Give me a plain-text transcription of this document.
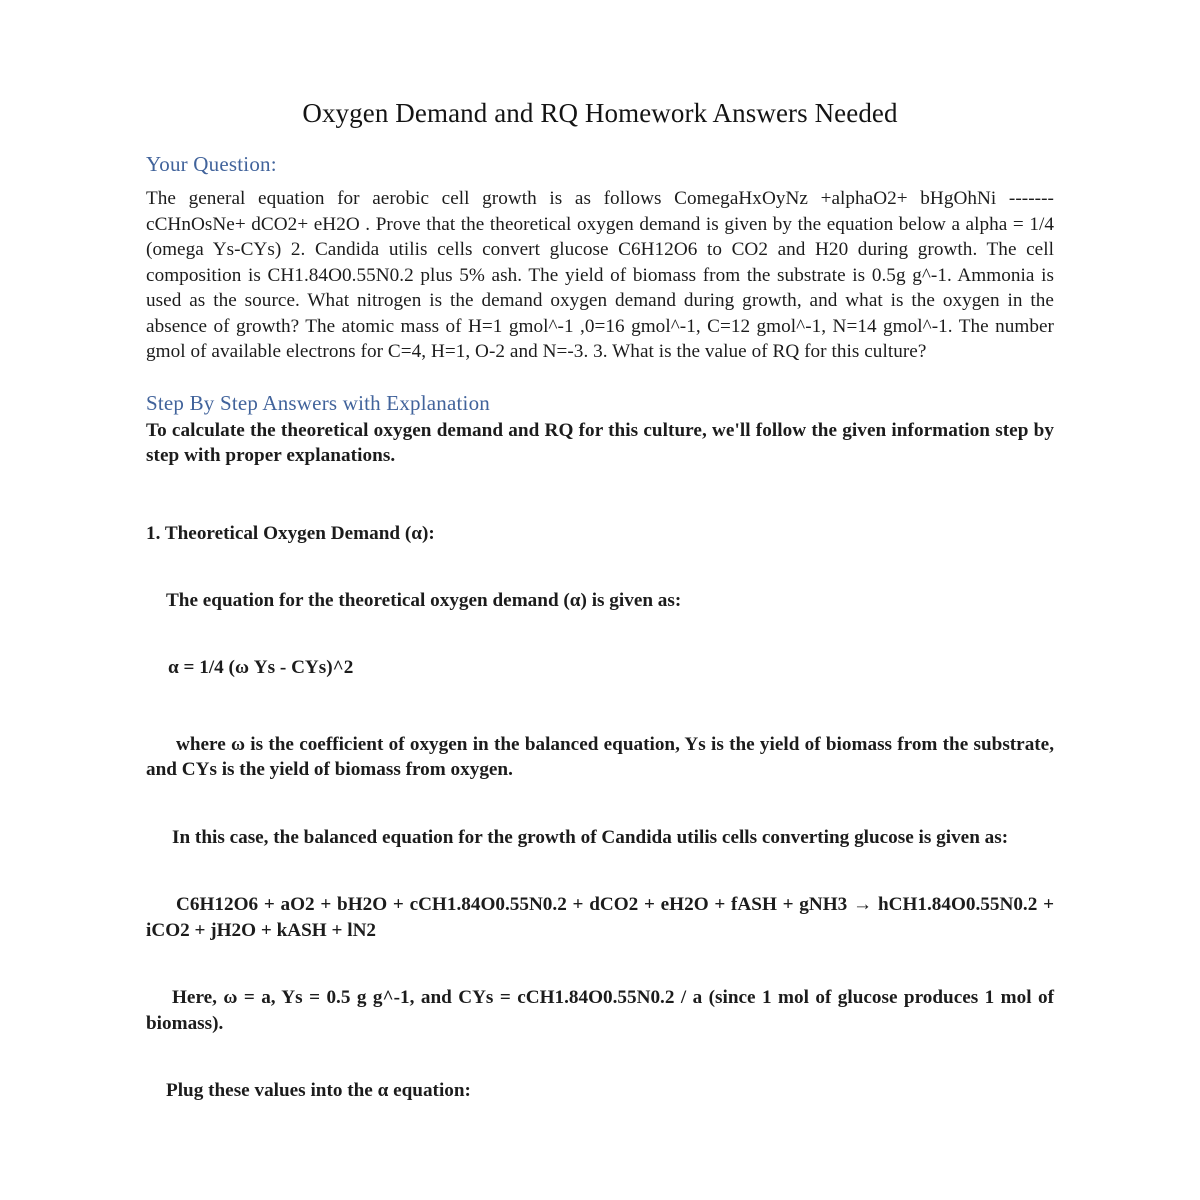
Oxygen Demand and RQ Homework Answers Needed
Your Question:

The general equation for aerobic cell growth is as follows ComegaHxOyNz +alphaO2+ bHgOhNi ------- cCHnOsNe+ dCO2+ eH2O . Prove that the theoretical oxygen demand is given by the equation below a alpha = 1/4 (omega Ys-CYs) 2. Candida utilis cells convert glucose C6H12O6 to CO2 and H20 during growth. The cell composition is CH1.84O0.55N0.2 plus 5% ash. The yield of biomass from the substrate is 0.5g g^-1. Ammonia is used as the source. What nitrogen is the demand oxygen demand during growth, and what is the oxygen in the absence of growth? The atomic mass of H=1 gmol^-1 ,0=16 gmol^-1, C=12 gmol^-1, N=14 gmol^-1. The number gmol of available electrons for C=4, H=1, O-2 and N=-3. 3. What is the value of RQ for this culture?

Step By Step Answers with Explanation

To calculate the theoretical oxygen demand and RQ for this culture, we'll follow the given information step by step with proper explanations.

1. Theoretical Oxygen Demand (α):

The equation for the theoretical oxygen demand (α) is given as:

α = 1/4 (ω Ys - CYs)^2

where ω is the coefficient of oxygen in the balanced equation, Ys is the yield of biomass from the substrate, and CYs is the yield of biomass from oxygen.

In this case, the balanced equation for the growth of Candida utilis cells converting glucose is given as:

C6H12O6 + aO2 + bH2O + cCH1.84O0.55N0.2 + dCO2 + eH2O + fASH + gNH3 → hCH1.84O0.55N0.2 + iCO2 + jH2O + kASH + lN2

Here, ω = a, Ys = 0.5 g g^-1, and CYs = cCH1.84O0.55N0.2 / a (since 1 mol of glucose produces 1 mol of biomass).

Plug these values into the α equation:
